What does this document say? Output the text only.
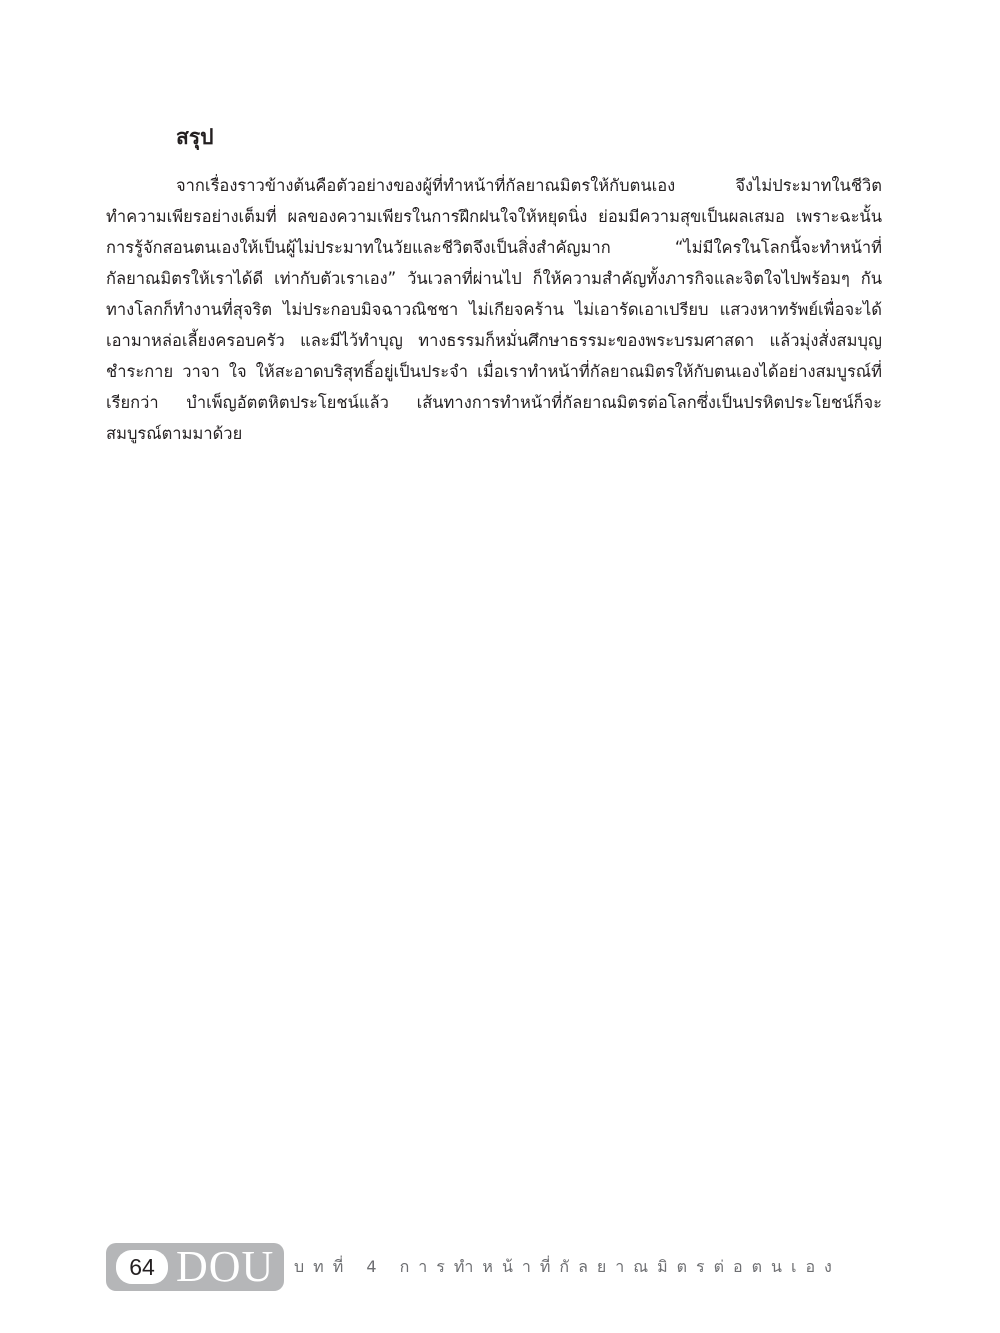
สรุป

จากเรื่องราวข้างต้นคือตัวอย่างของผู้ที่ทำหน้าที่กัลยาณมิตรให้กับตนเอง จึงไม่ประมาทในชีวิต ทำความเพียรอย่างเต็มที่ ผลของความเพียรในการฝึกฝนใจให้หยุดนิ่ง ย่อมมีความสุขเป็นผลเสมอ เพราะฉะนั้นการรู้จักสอนตนเองให้เป็นผู้ไม่ประมาทในวัยและชีวิตจึงเป็นสิ่งสำคัญมาก “ไม่มีใครในโลกนี้จะทำหน้าที่กัลยาณมิตรให้เราได้ดี เท่ากับตัวเราเอง” วันเวลาที่ผ่านไป ก็ให้ความสำคัญทั้งภารกิจและจิตใจไปพร้อมๆ กัน ทางโลกก็ทำงานที่สุจริต ไม่ประกอบมิจฉาวณิชชา ไม่เกียจคร้าน ไม่เอารัดเอาเปรียบ แสวงหาทรัพย์เพื่อจะได้เอามาหล่อเลี้ยงครอบครัว และมีไว้ทำบุญ ทางธรรมก็หมั่นศึกษาธรรมะของพระบรมศาสดา แล้วมุ่งสั่งสมบุญ ชำระกาย วาจา ใจ ให้สะอาดบริสุทธิ์อยู่เป็นประจำ เมื่อเราทำหน้าที่กัลยาณมิตรให้กับตนเองได้อย่างสมบูรณ์ที่เรียกว่า บำเพ็ญอัตตหิตประโยชน์แล้ว เส้นทางการทำหน้าที่กัลยาณมิตรต่อโลกซึ่งเป็นปรหิตประโยชน์ก็จะสมบูรณ์ตามมาด้วย

64 DOU บทที่ 4 การทำหน้าที่กัลยาณมิตรต่อตนเอง
